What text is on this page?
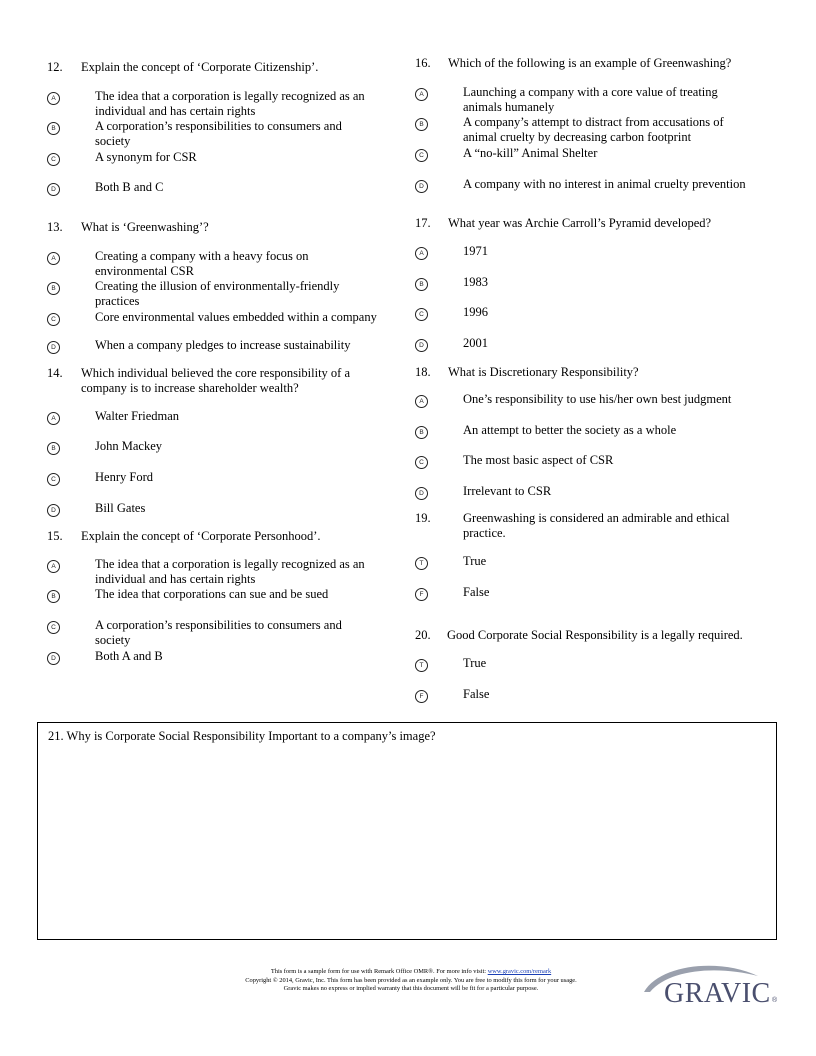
12. Explain the concept of ‘Corporate Citizenship’.
A	The idea that a corporation is legally recognized as an individual and has certain rights
B	A corporation’s responsibilities to consumers and society
C	A synonym for CSR
D	Both B and C
13. What is ‘Greenwashing’?
A	Creating a company with a heavy focus on environmental CSR
B	Creating the illusion of environmentally-friendly practices
C	Core environmental values embedded within a company
D	When a company pledges to increase sustainability
14. Which individual believed the core responsibility of a company is to increase shareholder wealth?
A	Walter Friedman
B	John Mackey
C	Henry Ford
D	Bill Gates
15. Explain the concept of ‘Corporate Personhood’.
A	The idea that a corporation is legally recognized as an individual and has certain rights
B	The idea that corporations can sue and be sued
C	A corporation’s responsibilities to consumers and society
D	Both A and B
16. Which of the following is an example of Greenwashing?
A	Launching a company with a core value of treating animals humanely
B	A company’s attempt to distract from accusations of animal cruelty by decreasing carbon footprint
C	A “no-kill” Animal Shelter
D	A company with no interest in animal cruelty prevention
17. What year was Archie Carroll’s Pyramid developed?
A	1971
B	1983
C	1996
D	2001
18. What is Discretionary Responsibility?
A	One’s responsibility to use his/her own best judgment
B	An attempt to better the society as a whole
C	The most basic aspect of CSR
D	Irrelevant to CSR
19.	Greenwashing is considered an admirable and ethical practice.
T	True
F	False
20. Good Corporate Social Responsibility is a legally required.
T	True
F	False
21. Why is Corporate Social Responsibility Important to a company’s image?
This form is a sample form for use with Remark Office OMR®. For more info visit: www.gravic.com/remark
Copyright © 2014, Gravic, Inc. This form has been provided as an example only. You are free to modify this form for your usage.
Gravic makes no express or implied warranty that this document will be fit for a particular purpose.	GRAVIC ®
